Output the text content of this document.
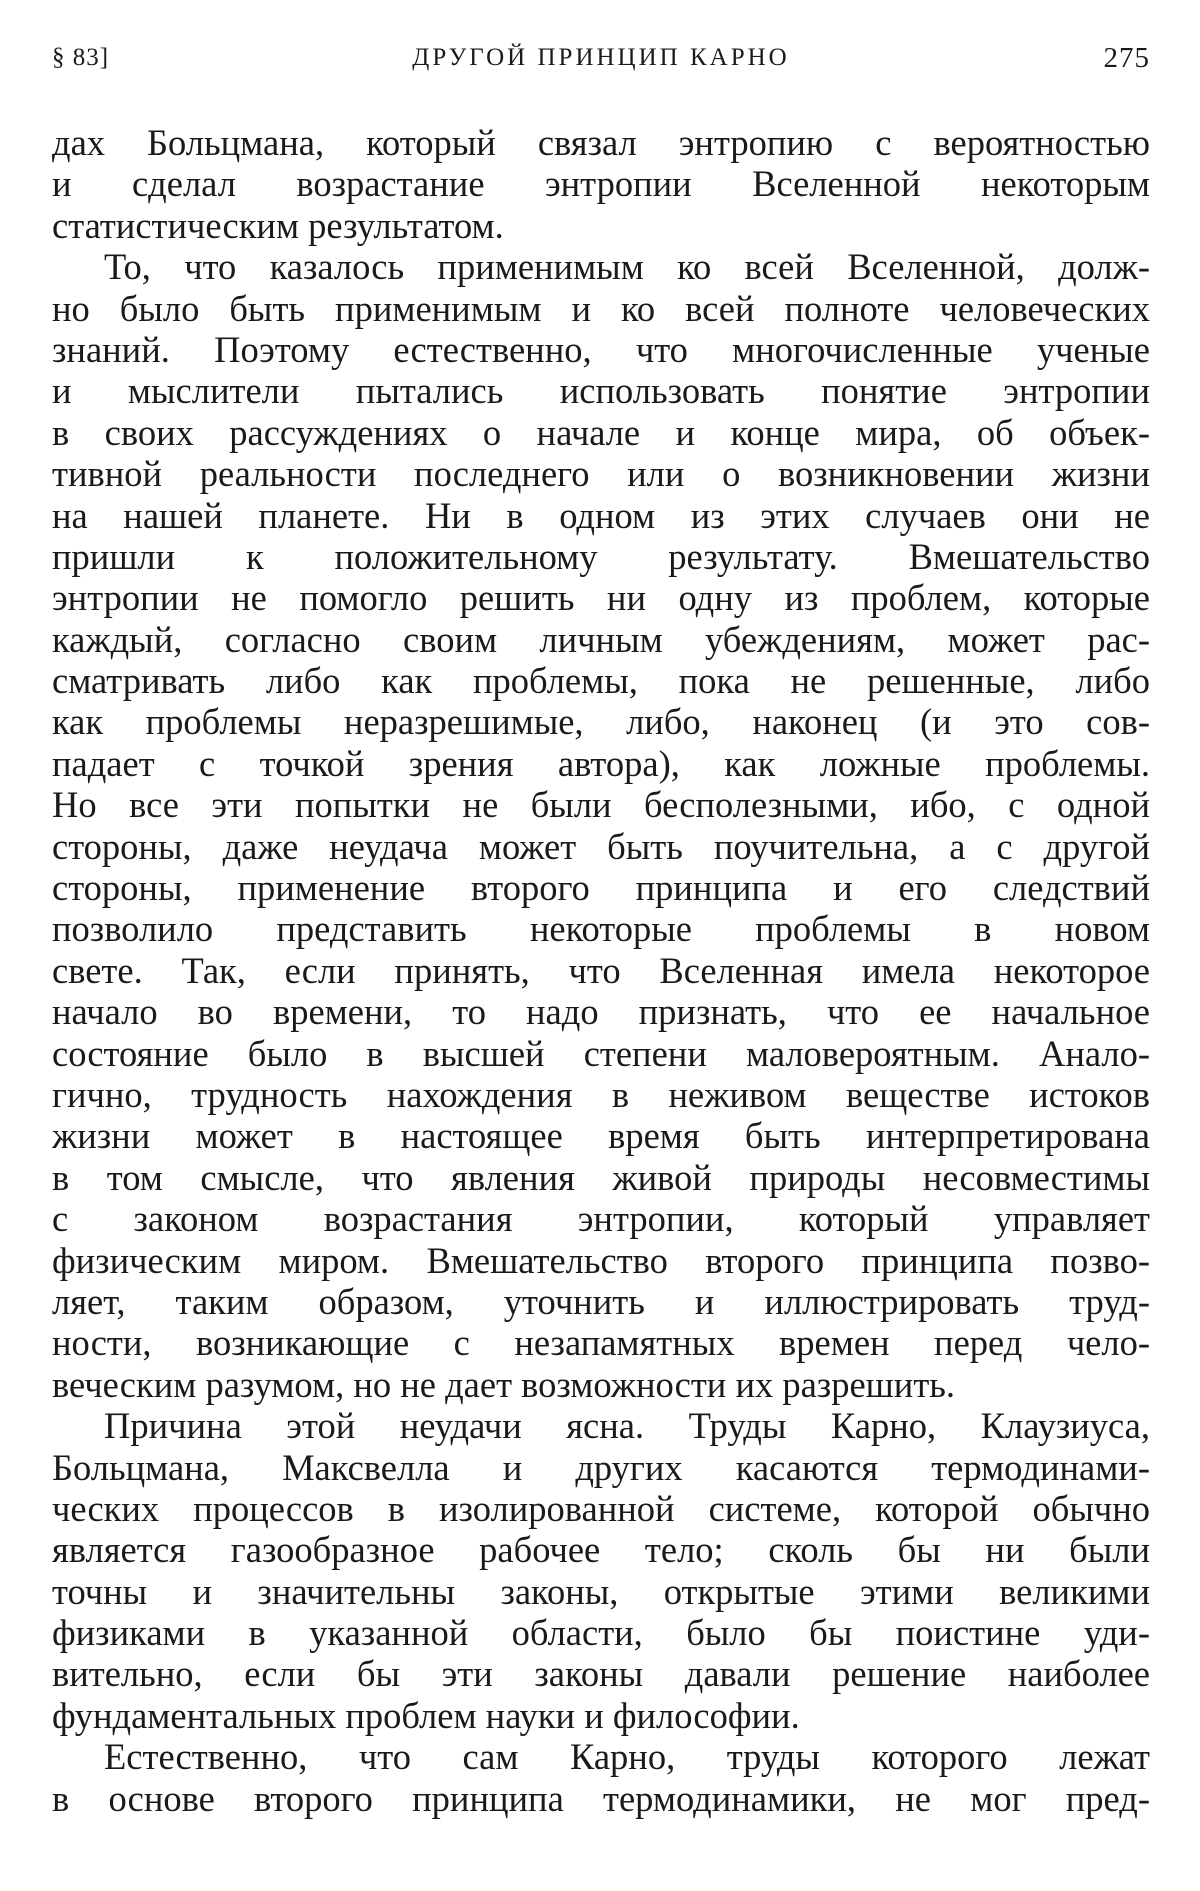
§ 83]	ДРУГОЙ ПРИНЦИП КАРНО	275
дах Больцмана, который связал энтропию с вероятностью
и сделал возрастание энтропии Вселенной некоторым
статистическим результатом.
То, что казалось применимым ко всей Вселенной, долж-
но было быть применимым и ко всей полноте человеческих
знаний. Поэтому естественно, что многочисленные ученые
и мыслители пытались использовать понятие энтропии
в своих рассуждениях о начале и конце мира, об объек-
тивной реальности последнего или о возникновении жизни
на нашей планете. Ни в одном из этих случаев они не
пришли к положительному результату. Вмешательство
энтропии не помогло решить ни одну из проблем, которые
каждый, согласно своим личным убеждениям, может рас-
сматривать либо как проблемы, пока не решенные, либо
как проблемы неразрешимые, либо, наконец (и это сов-
падает с точкой зрения автора), как ложные проблемы.
Но все эти попытки не были бесполезными, ибо, с одной
стороны, даже неудача может быть поучительна, а с другой
стороны, применение второго принципа и его следствий
позволило представить некоторые проблемы в новом
свете. Так, если принять, что Вселенная имела некоторое
начало во времени, то надо признать, что ее начальное
состояние было в высшей степени маловероятным. Анало-
гично, трудность нахождения в неживом веществе истоков
жизни может в настоящее время быть интерпретирована
в том смысле, что явления живой природы несовместимы
с законом возрастания энтропии, который управляет
физическим миром. Вмешательство второго принципа позво-
ляет, таким образом, уточнить и иллюстрировать труд-
ности, возникающие с незапамятных времен перед чело-
веческим разумом, но не дает возможности их разрешить.
Причина этой неудачи ясна. Труды Карно, Клаузиуса,
Больцмана, Максвелла и других касаются термодинами-
ческих процессов в изолированной системе, которой обычно
является газообразное рабочее тело; сколь бы ни были
точны и значительны законы, открытые этими великими
физиками в указанной области, было бы поистине уди-
вительно, если бы эти законы давали решение наиболее
фундаментальных проблем науки и философии.
Естественно, что сам Карно, труды которого лежат
в основе второго принципа термодинамики, не мог пред-
